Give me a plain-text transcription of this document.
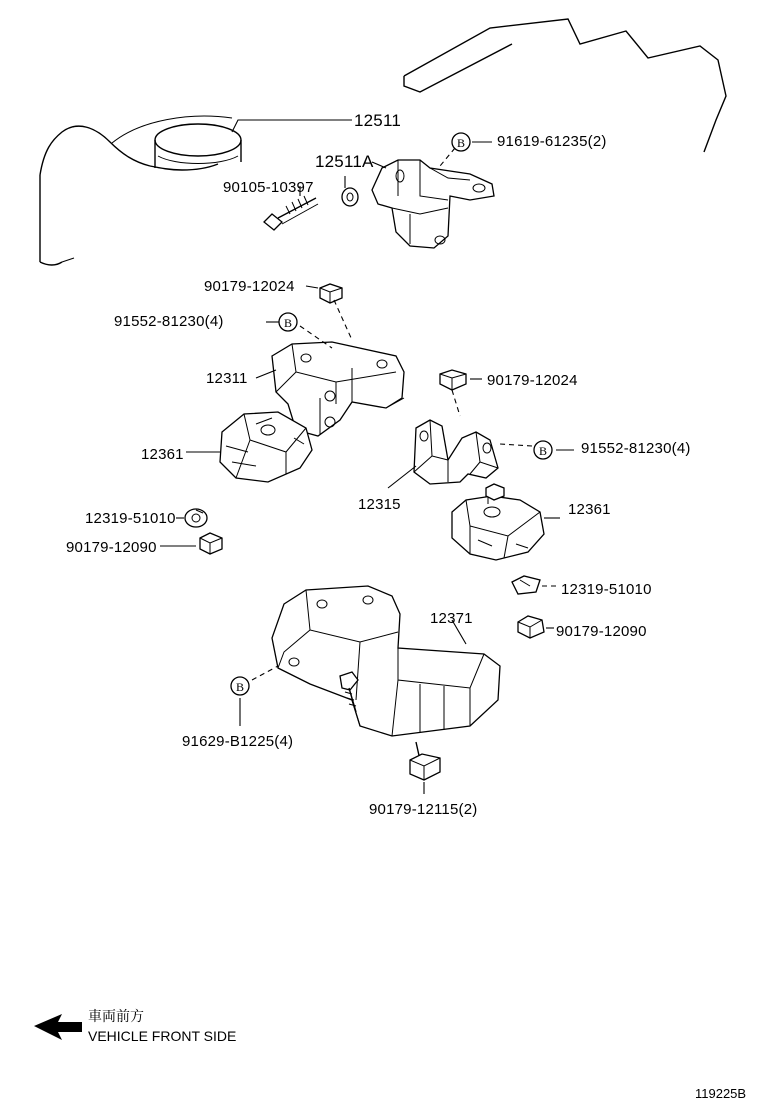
B
B
B
B
12511
91619-61235(2)
12511A
90105-10397
90179-12024
91552-81230(4)
12311	90179-12024
12361	91552-81230(4)
12315	12361
12319-51010
90179-12090
12319-51010
12371
90179-12090
91629-B1225(4)
90179-12115(2)
車両前方
VEHICLE FRONT SIDE
119225B
